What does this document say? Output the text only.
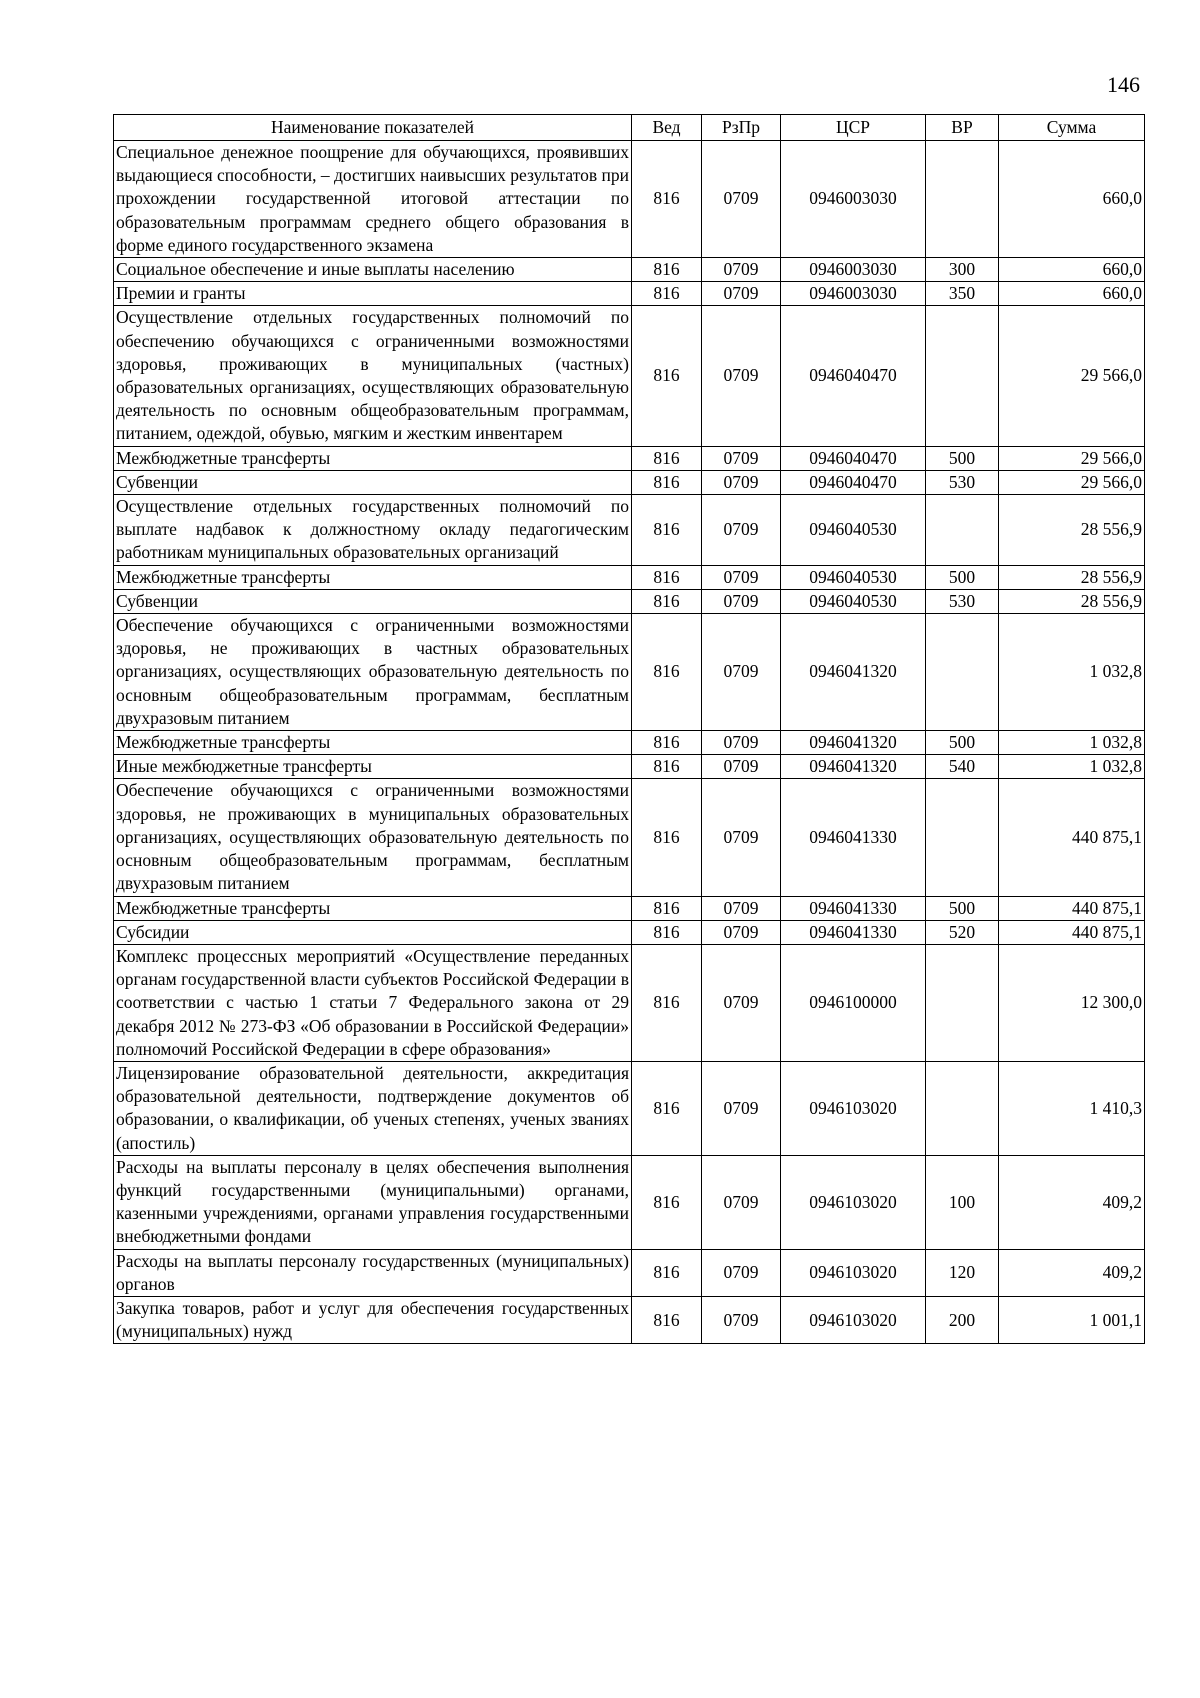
146
Наименование показателей	Вед	РзПр	ЦСР	ВР	Сумма
Специальное денежное поощрение для обучающихся, проявивших выдающиеся способности, – достигших наивысших результатов при прохождении государственной итоговой аттестации по образовательным программам среднего общего образования в форме единого государственного экзамена	816	0709	0946003030		660,0
Социальное обеспечение и иные выплаты населению	816	0709	0946003030	300	660,0
Премии и гранты	816	0709	0946003030	350	660,0
Осуществление отдельных государственных полномочий по обеспечению обучающихся с ограниченными возможностями здоровья, проживающих в муниципальных (частных) образовательных организациях, осуществляющих образовательную деятельность по основным общеобразовательным программам, питанием, одеждой, обувью, мягким и жестким инвентарем	816	0709	0946040470		29 566,0
Межбюджетные трансферты	816	0709	0946040470	500	29 566,0
Субвенции	816	0709	0946040470	530	29 566,0
Осуществление отдельных государственных полномочий по выплате надбавок к должностному окладу педагогическим работникам муниципальных образовательных организаций	816	0709	0946040530		28 556,9
Межбюджетные трансферты	816	0709	0946040530	500	28 556,9
Субвенции	816	0709	0946040530	530	28 556,9
Обеспечение обучающихся с ограниченными возможностями здоровья, не проживающих в частных образовательных организациях, осуществляющих образовательную деятельность по основным общеобразовательным программам, бесплатным двухразовым питанием	816	0709	0946041320		1 032,8
Межбюджетные трансферты	816	0709	0946041320	500	1 032,8
Иные межбюджетные трансферты	816	0709	0946041320	540	1 032,8
Обеспечение обучающихся с ограниченными возможностями здоровья, не проживающих в муниципальных образовательных организациях, осуществляющих образовательную деятельность по основным общеобразовательным программам, бесплатным двухразовым питанием	816	0709	0946041330		440 875,1
Межбюджетные трансферты	816	0709	0946041330	500	440 875,1
Субсидии	816	0709	0946041330	520	440 875,1
Комплекс процессных мероприятий «Осуществление переданных органам государственной власти субъектов Российской Федерации в соответствии с частью 1 статьи 7 Федерального закона от 29 декабря 2012 № 273-ФЗ «Об образовании в Российской Федерации» полномочий Российской Федерации в сфере образования»	816	0709	0946100000		12 300,0
Лицензирование образовательной деятельности, аккредитация образовательной деятельности, подтверждение документов об образовании, о квалификации, об ученых степенях, ученых званиях (апостиль)	816	0709	0946103020		1 410,3
Расходы на выплаты персоналу в целях обеспечения выполнения функций государственными (муниципальными) органами, казенными учреждениями, органами управления государственными внебюджетными фондами	816	0709	0946103020	100	409,2
Расходы на выплаты персоналу государственных (муниципальных) органов	816	0709	0946103020	120	409,2
Закупка товаров, работ и услуг для обеспечения государственных (муниципальных) нужд	816	0709	0946103020	200	1 001,1
